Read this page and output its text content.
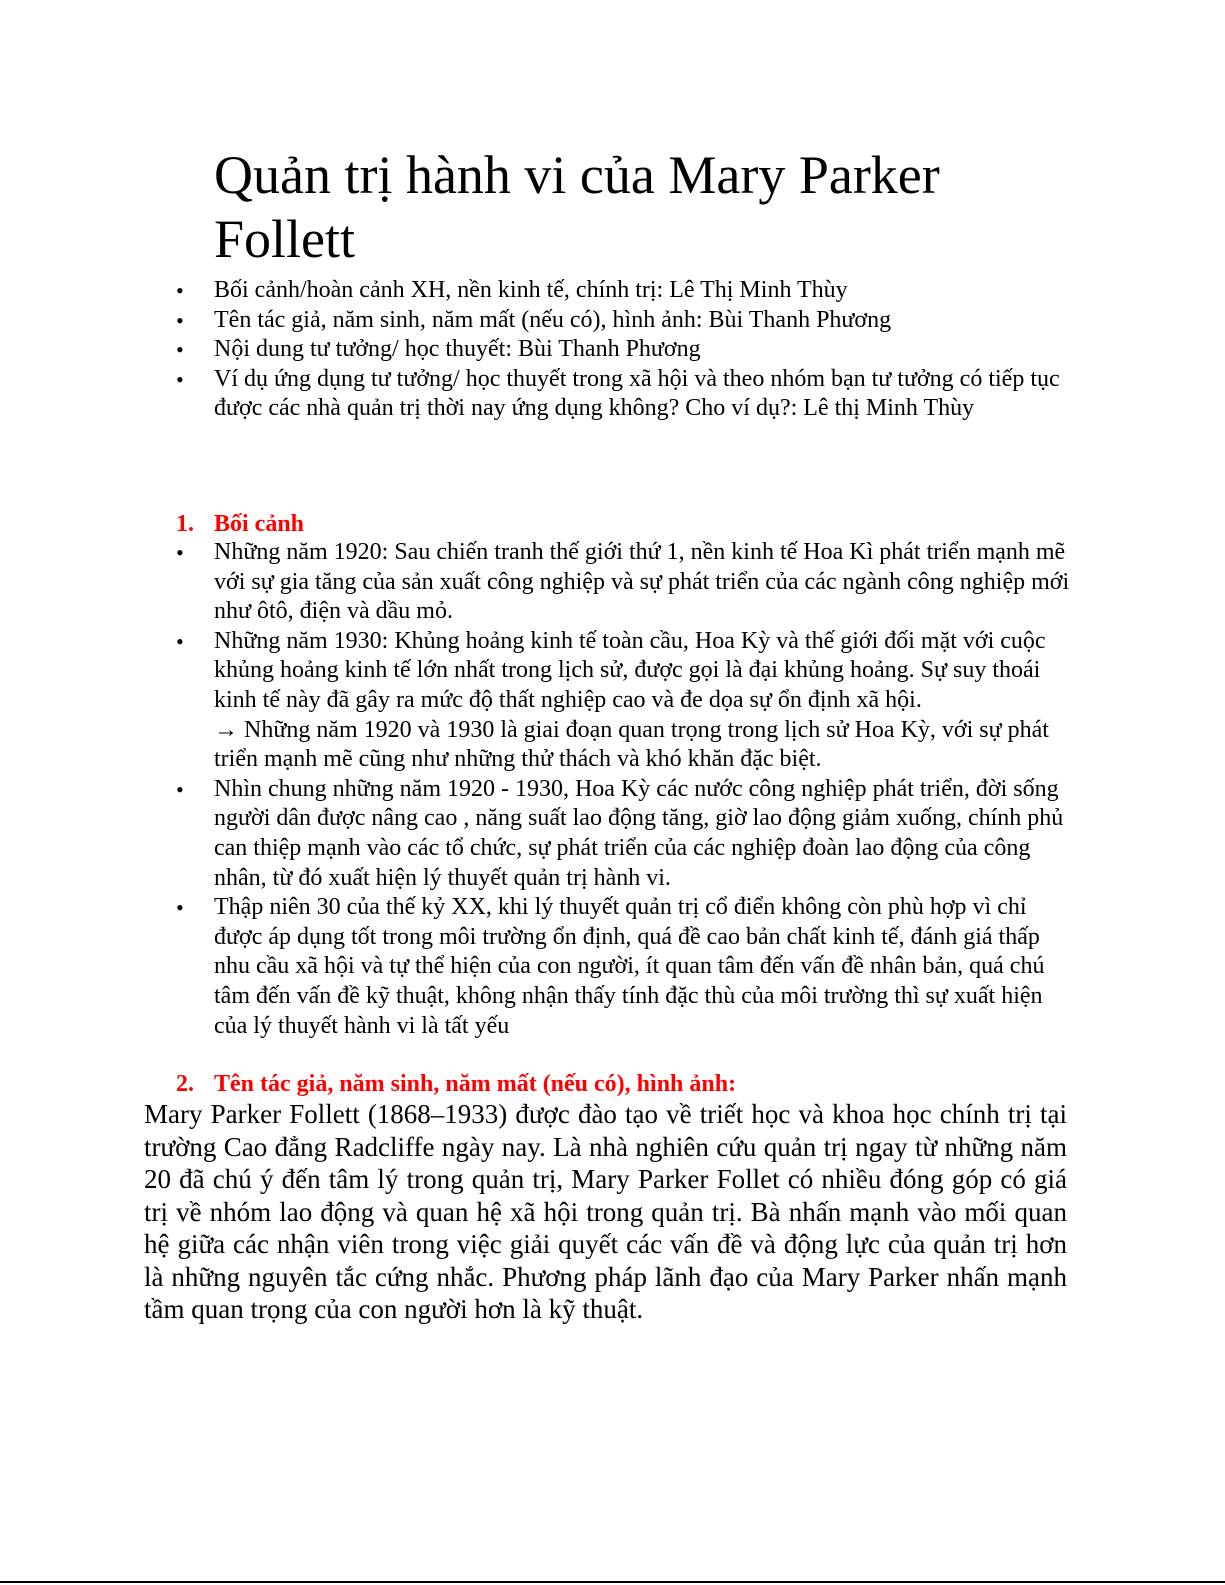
Quản trị hành vi của Mary Parker Follett
• Bối cảnh/hoàn cảnh XH, nền kinh tế, chính trị: Lê Thị Minh Thùy
• Tên tác giả, năm sinh, năm mất (nếu có), hình ảnh: Bùi Thanh Phương
• Nội dung tư tưởng/ học thuyết: Bùi Thanh Phương
• Ví dụ ứng dụng tư tưởng/ học thuyết trong xã hội và theo nhóm bạn tư tưởng có tiếp tục được các nhà quản trị thời nay ứng dụng không? Cho ví dụ?: Lê thị Minh Thùy
1. Bối cảnh
• Những năm 1920: Sau chiến tranh thế giới thứ 1, nền kinh tế Hoa Kì phát triển mạnh mẽ với sự gia tăng của sản xuất công nghiệp và sự phát triển của các ngành công nghiệp mới như ôtô, điện và dầu mỏ.
• Những năm 1930: Khủng hoảng kinh tế toàn cầu, Hoa Kỳ và thế giới đối mặt với cuộc khủng hoảng kinh tế lớn nhất trong lịch sử, được gọi là đại khủng hoảng. Sự suy thoái kinh tế này đã gây ra mức độ thất nghiệp cao và đe dọa sự ổn định xã hội.
→ Những năm 1920 và 1930 là giai đoạn quan trọng trong lịch sử Hoa Kỳ, với sự phát triển mạnh mẽ cũng như những thử thách và khó khăn đặc biệt.
• Nhìn chung những năm 1920 - 1930, Hoa Kỳ các nước công nghiệp phát triển, đời sống người dân được nâng cao , năng suất lao động tăng, giờ lao động giảm xuống, chính phủ can thiệp mạnh vào các tổ chức, sự phát triển của các nghiệp đoàn lao động của công nhân, từ đó xuất hiện lý thuyết quản trị hành vi.
• Thập niên 30 của thế kỷ XX, khi lý thuyết quản trị cổ điển không còn phù hợp vì chỉ được áp dụng tốt trong môi trường ổn định, quá đề cao bản chất kinh tế, đánh giá thấp nhu cầu xã hội và tự thể hiện của con người, ít quan tâm đến vấn đề nhân bản, quá chú tâm đến vấn đề kỹ thuật, không nhận thấy tính đặc thù của môi trường thì sự xuất hiện của lý thuyết hành vi là tất yếu
2. Tên tác giả, năm sinh, năm mất (nếu có), hình ảnh:

Mary Parker Follett (1868–1933) được đào tạo về triết học và khoa học chính trị tại trường Cao đẳng Radcliffe ngày nay. Là nhà nghiên cứu quản trị ngay từ những năm 20 đã chú ý đến tâm lý trong quản trị, Mary Parker Follet có nhiều đóng góp có giá trị về nhóm lao động và quan hệ xã hội trong quản trị. Bà nhấn mạnh vào mối quan hệ giữa các nhận viên trong việc giải quyết các vấn đề và động lực của quản trị hơn là những nguyên tắc cứng nhắc. Phương pháp lãnh đạo của Mary Parker nhấn mạnh tầm quan trọng của con người hơn là kỹ thuật.
